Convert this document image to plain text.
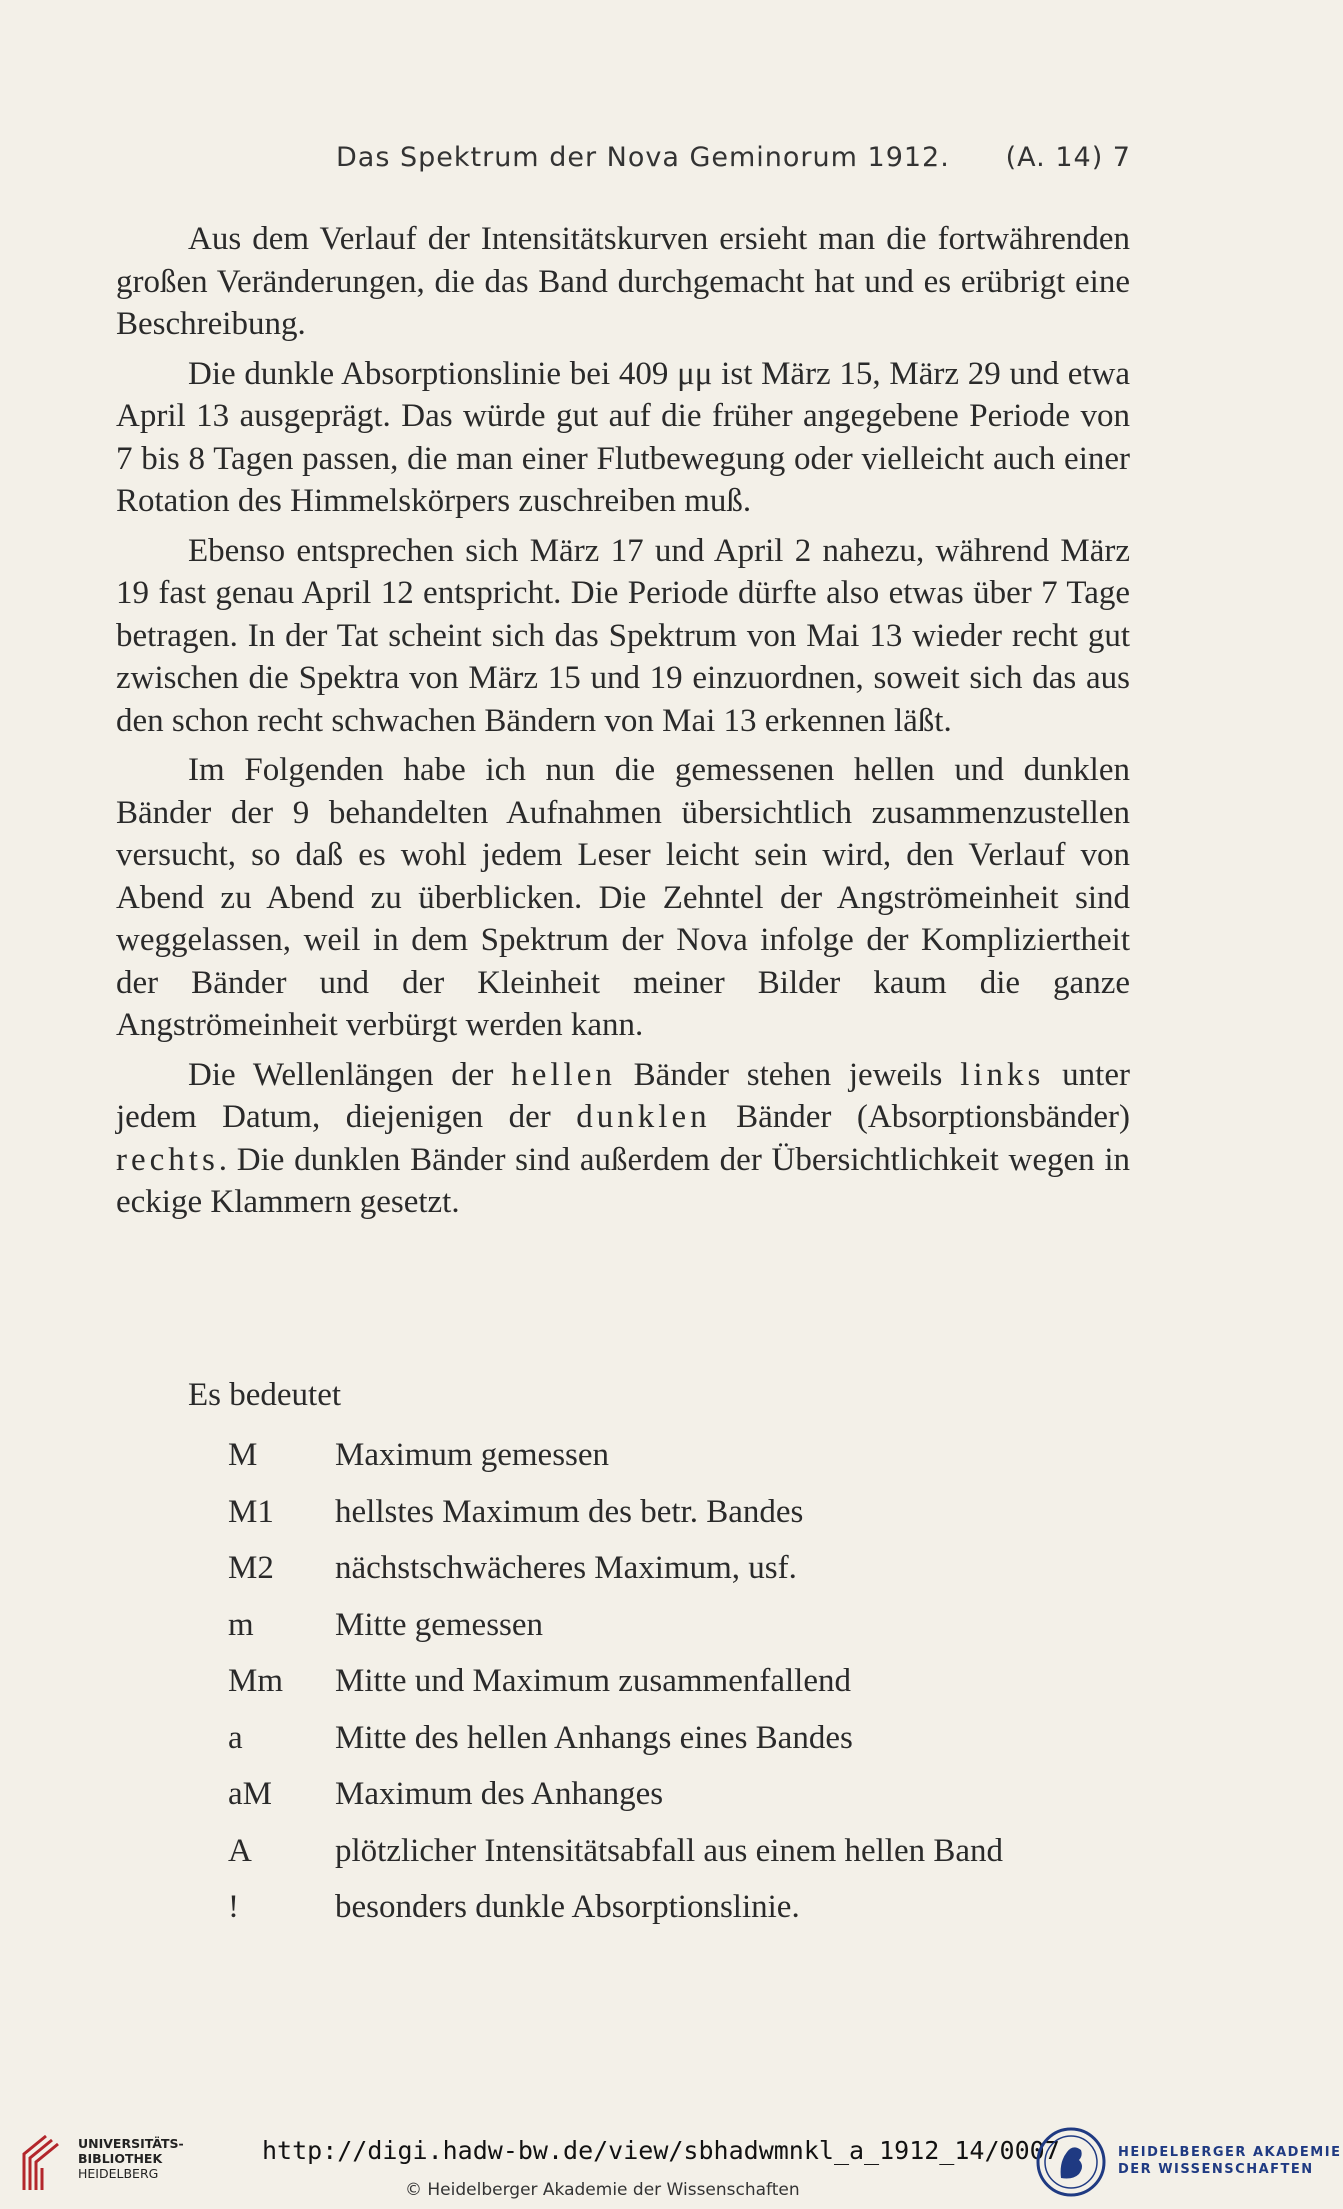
Das Spektrum der Nova Geminorum 1912. (A. 14) 7

Aus dem Verlauf der Intensitätskurven ersieht man die fortwährenden großen Veränderungen, die das Band durchgemacht hat und es erübrigt eine Beschreibung.

Die dunkle Absorptionslinie bei 409 μμ ist März 15, März 29 und etwa April 13 ausgeprägt. Das würde gut auf die früher angegebene Periode von 7 bis 8 Tagen passen, die man einer Flutbewegung oder vielleicht auch einer Rotation des Himmelskörpers zuschreiben muß.

Ebenso entsprechen sich März 17 und April 2 nahezu, während März 19 fast genau April 12 entspricht. Die Periode dürfte also etwas über 7 Tage betragen. In der Tat scheint sich das Spektrum von Mai 13 wieder recht gut zwischen die Spektra von März 15 und 19 einzuordnen, soweit sich das aus den schon recht schwachen Bändern von Mai 13 erkennen läßt.

Im Folgenden habe ich nun die gemessenen hellen und dunklen Bänder der 9 behandelten Aufnahmen übersichtlich zusammenzustellen versucht, so daß es wohl jedem Leser leicht sein wird, den Verlauf von Abend zu Abend zu überblicken. Die Zehntel der Angströmeinheit sind weggelassen, weil in dem Spektrum der Nova infolge der Kompliziertheit der Bänder und der Kleinheit meiner Bilder kaum die ganze Angströmeinheit verbürgt werden kann.

Die Wellenlängen der hellen Bänder stehen jeweils links unter jedem Datum, diejenigen der dunklen Bänder (Absorptionsbänder) rechts. Die dunklen Bänder sind außerdem der Übersichtlichkeit wegen in eckige Klammern gesetzt.

Es bedeutet
M	Maximum gemessen
M1	hellstes Maximum des betr. Bandes
M2	nächstschwächeres Maximum, usf.
m	Mitte gemessen
Mm	Mitte und Maximum zusammenfallend
a	Mitte des hellen Anhangs eines Bandes
aM	Maximum des Anhanges
A	plötzlicher Intensitätsabfall aus einem hellen Band
!	besonders dunkle Absorptionslinie.
UNIVERSITÄTS-
BIBLIOTHEK
HEIDELBERG
http://digi.hadw-bw.de/view/sbhadwmnkl_a_1912_14/0007
© Heidelberger Akademie der Wissenschaften
HEIDELBERGER AKADEMIE
DER WISSENSCHAFTEN
